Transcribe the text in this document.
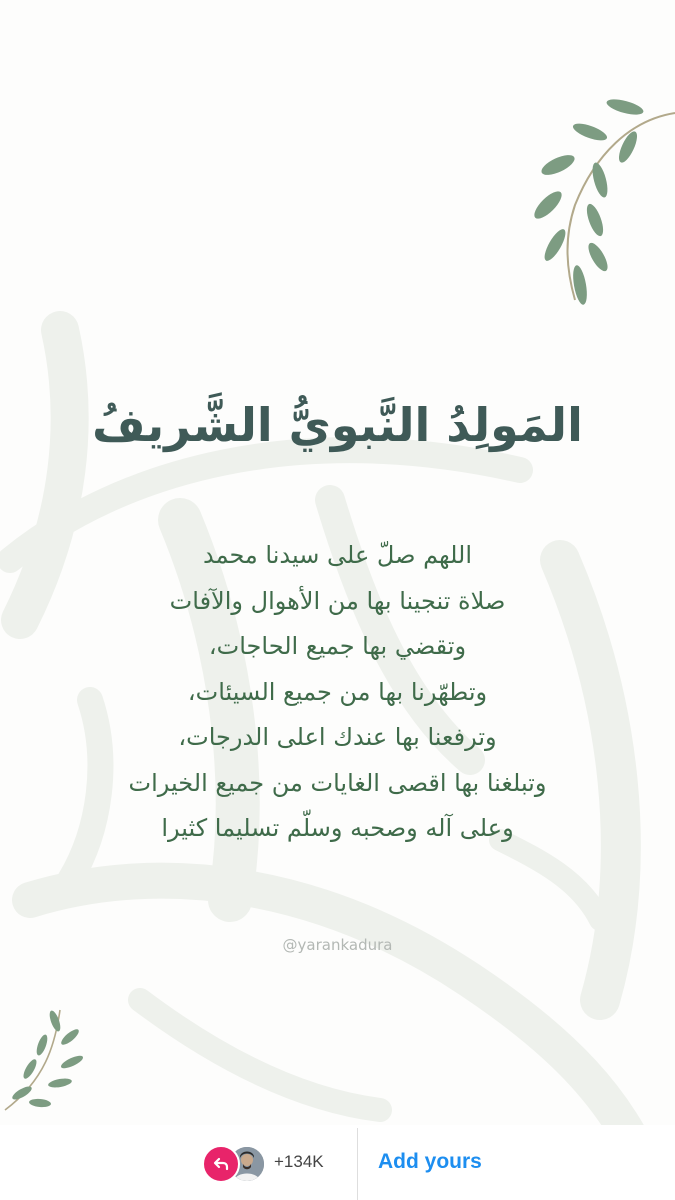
المَولِدُ النَّبويُّ الشَّريفُ
اللهم صلّ على سيدنا محمد
صلاة تنجينا بها من الأهوال والآفات
وتقضي بها جميع الحاجات،
وتطهّرنا بها من جميع السيئات،
وترفعنا بها عندك اعلى الدرجات،
وتبلغنا بها اقصى الغايات من جميع الخيرات
وعلى آله وصحبه وسلّم تسليما كثيرا
@yarankadura
+134K	Add yours
